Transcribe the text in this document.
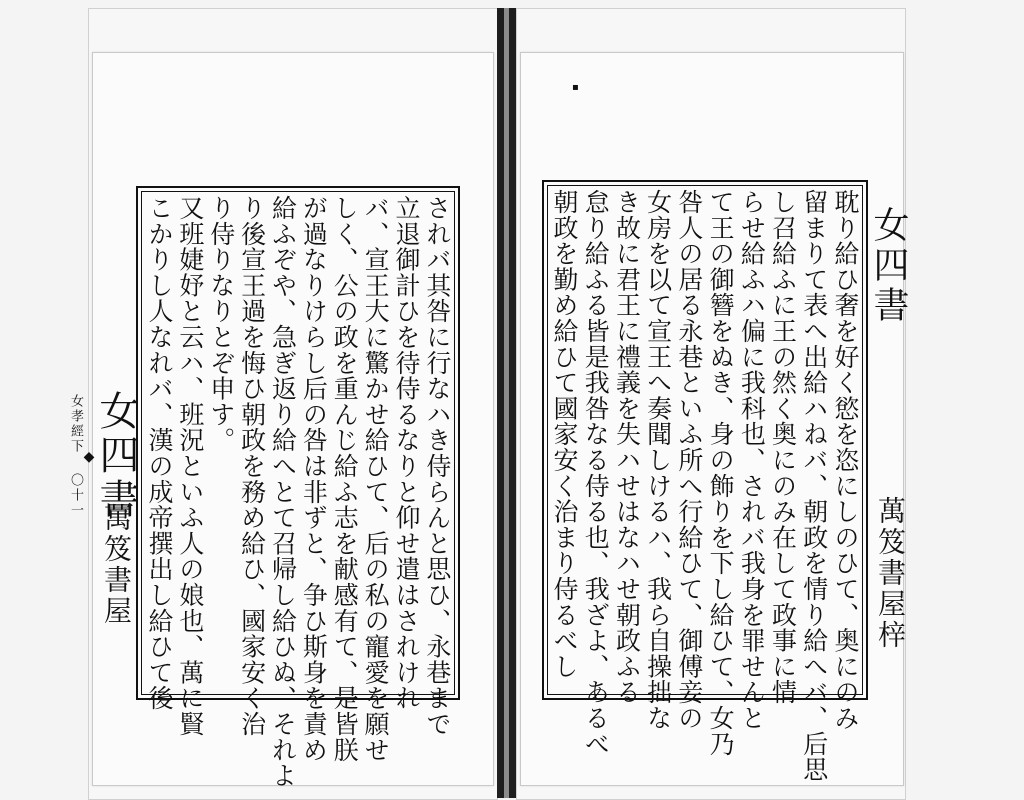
女四書
◆
女孝經下 〇十一
萬笈書屋	されバ其咎に行なハき侍らんと思ひ、永巷まで
立退御計ひを待侍るなりと仰せ遣はされけれ
バ、宣王大に驚かせ給ひて、后の私の寵愛を願せ
しく、公の政を重んじ給ふ志を献感有て、是皆朕
が過なりけらし后の咎は非ずと、争ひ斯身を責め
給ふぞや、急ぎ返り給へとて召帰し給ひぬ、それよ
り後宣王過を悔ひ朝政を務め給ひ、國家安く治
り侍りなりとぞ申す。
又班婕妤と云ハ、班況といふ人の娘也、萬に賢
こかりし人なれバ、漢の成帝撰出し給ひて後	耽り給ひ奢を好く慾を恣にしのひて、奥にのみ
留まりて表へ出給ハねバ、朝政を情り給へバ、后思
し召給ふに王の然く奥にのみ在して政事に情
らせ給ふハ偏に我科也、されバ我身を罪せんと
て王の御簪をぬき、身の飾りを下し給ひて、女乃
咎人の居る永巷といふ所へ行給ひて、御傅妾の
女房を以て宣王へ奏聞しけるハ、我ら自操拙な
き故に君王に禮義を失ハせはなハせ朝政ふる
怠り給ふる皆是我咎なる侍る也、我ざよ、あるべ
朝政を勤め給ひて國家安く治まり侍るべし	女四書
萬笈書屋梓
▪
